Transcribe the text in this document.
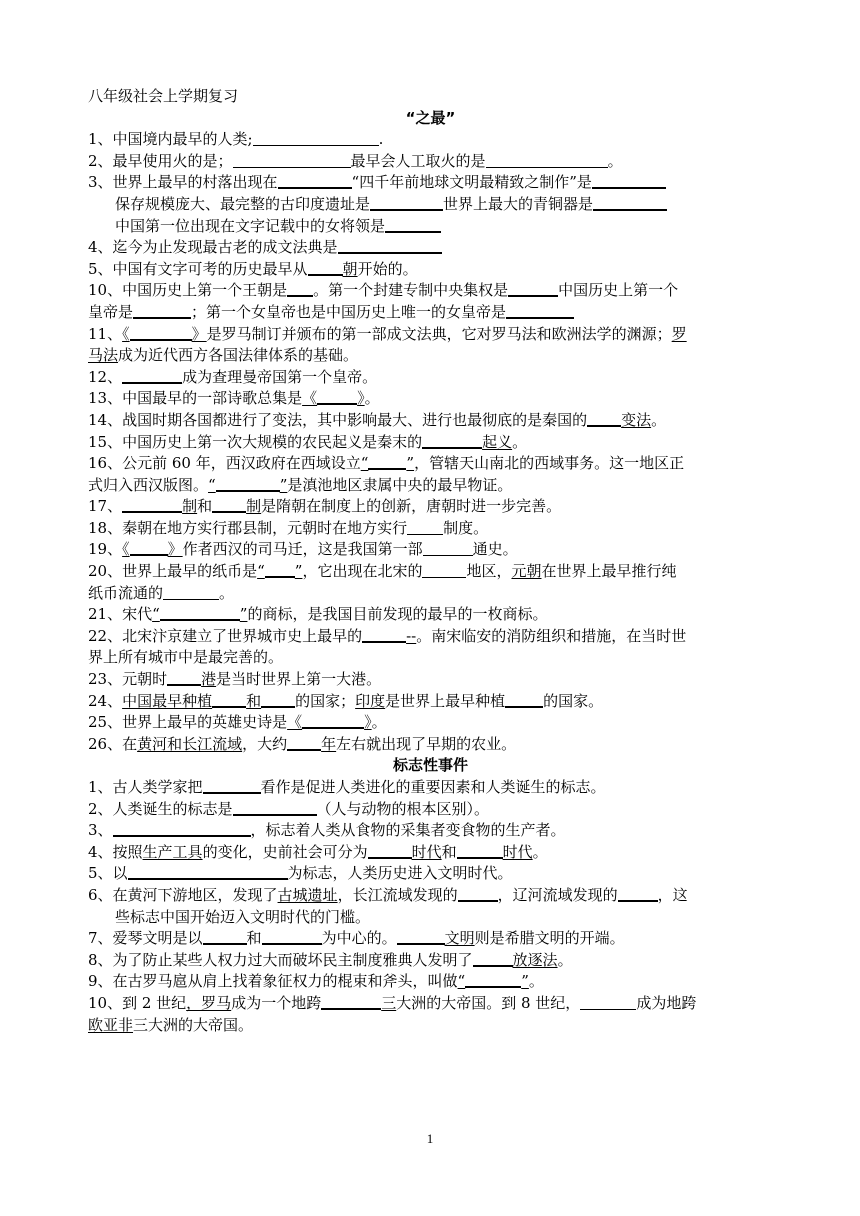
八年级社会上学期复习
“之最”
1、中国境内最早的人类;	.
2、最早使用火的是；	最早会人工取火的是	。
3、世界上最早的村落出现在	“四千年前地球文明最精致之制作”是
保存规模庞大、最完整的古印度遗址是	世界上最大的青铜器是
中国第一位出现在文字记载中的女将领是
4、迄今为止发现最古老的成文法典是
5、中国有文字可考的历史最早从 朝开始的。
10、中国历史上第一个王朝是 。第一个封建专制中央集权是	中国历史上第一个
皇帝是	；第一个女皇帝也是中国历史上唯一的女皇帝是
11、《	》是罗马制订并颁布的第一部成文法典，它对罗马法和欧洲法学的渊源；罗
马法成为近代西方各国法律体系的基础。
12、	成为查理曼帝国第一个皇帝。
13、中国最早的一部诗歌总集是《	》。
14、战国时期各国都进行了变法，其中影响最大、进行也最彻底的是秦国的 变法。
15、中国历史上第一次大规模的农民起义是秦末的	起义。
16、公元前 60 年，西汉政府在西域设立“	”，管辖天山南北的西域事务。这一地区正
式归入西汉版图。“	”是滇池地区隶属中央的最早物证。
17、	制和 制是隋朝在制度上的创新，唐朝时进一步完善。
18、秦朝在地方实行郡县制，元朝时在地方实行 制度。
19、《	》作者西汉的司马迁，这是我国第一部	通史。
20、世界上最早的纸币是“ ”，它出现在北宋的	地区，元朝在世界上最早推行纯
纸币流通的	。
21、宋代“	”的商标，是我国目前发现的最早的一枚商标。
22、北宋汴京建立了世界城市史上最早的	--。南宋临安的消防组织和措施，在当时世
界上所有城市中是最完善的。
23、元朝时 港是当时世界上第一大港。
24、中国最早种植 和 的国家；印度是世界上最早种植	的国家。
25、世界上最早的英雄史诗是《	》。
26、在黄河和长江流域，大约 年左右就出现了早期的农业。
标志性事件
1、古人类学家把	看作是促进人类进化的重要因素和人类诞生的标志。
2、人类诞生的标志是	（人与动物的根本区别）。
3、	，标志着人类从食物的采集者变食物的生产者。
4、按照生产工具的变化，史前社会可分为	时代和	时代。
5、以	为标志，人类历史进入文明时代。
6、在黄河下游地区，发现了古城遗址，长江流域发现的	，辽河流域发现的	，这
些标志中国开始迈入文明时代的门槛。
7、爱琴文明是以	和	为中心的。	文明则是希腊文明的开端。
8、为了防止某些人权力过大而破坏民主制度雅典人发明了	放逐法。
9、在古罗马扈从肩上找着象征权力的棍束和斧头，叫做“	”。
10、到 2 世纪，罗马成为一个地跨	三大洲的大帝国。到 8 世纪，	成为地跨
欧亚非三大洲的大帝国。
1
